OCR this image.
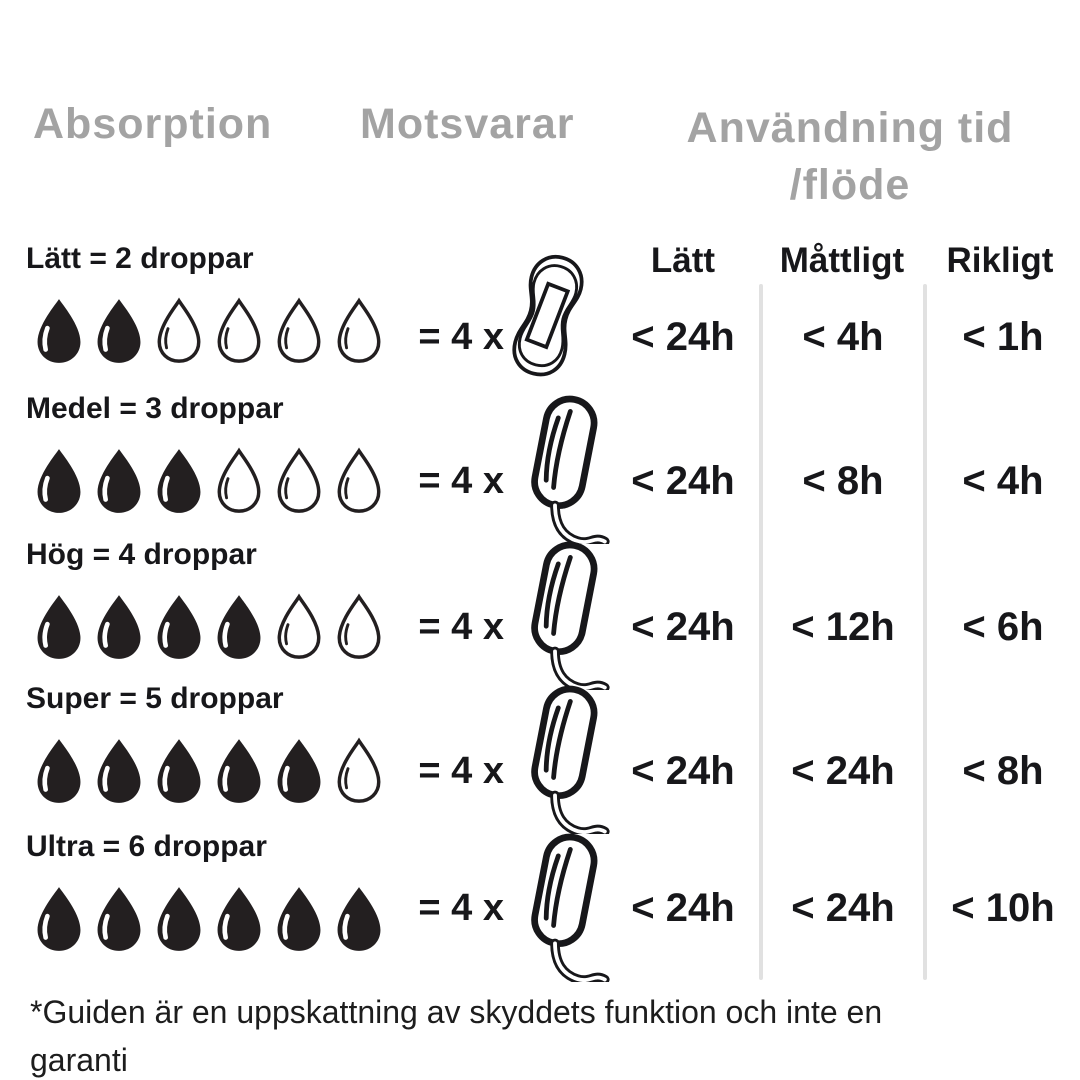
Absorption Motsvarar	Användning tid
/flöde
Lätt	Måttligt	Rikligt
Lätt = 2 droppar
= 4 x	< 24h	< 4h	< 1h
Medel = 3 droppar
= 4 x	< 24h	< 8h	< 4h
Hög = 4 droppar
= 4 x	< 24h	< 12h	< 6h
Super = 5 droppar
= 4 x	< 24h	< 24h	< 8h
Ultra = 6 droppar
= 4 x	< 24h	< 24h	< 10h
*Guiden är en uppskattning av skyddets funktion och inte en
garanti
